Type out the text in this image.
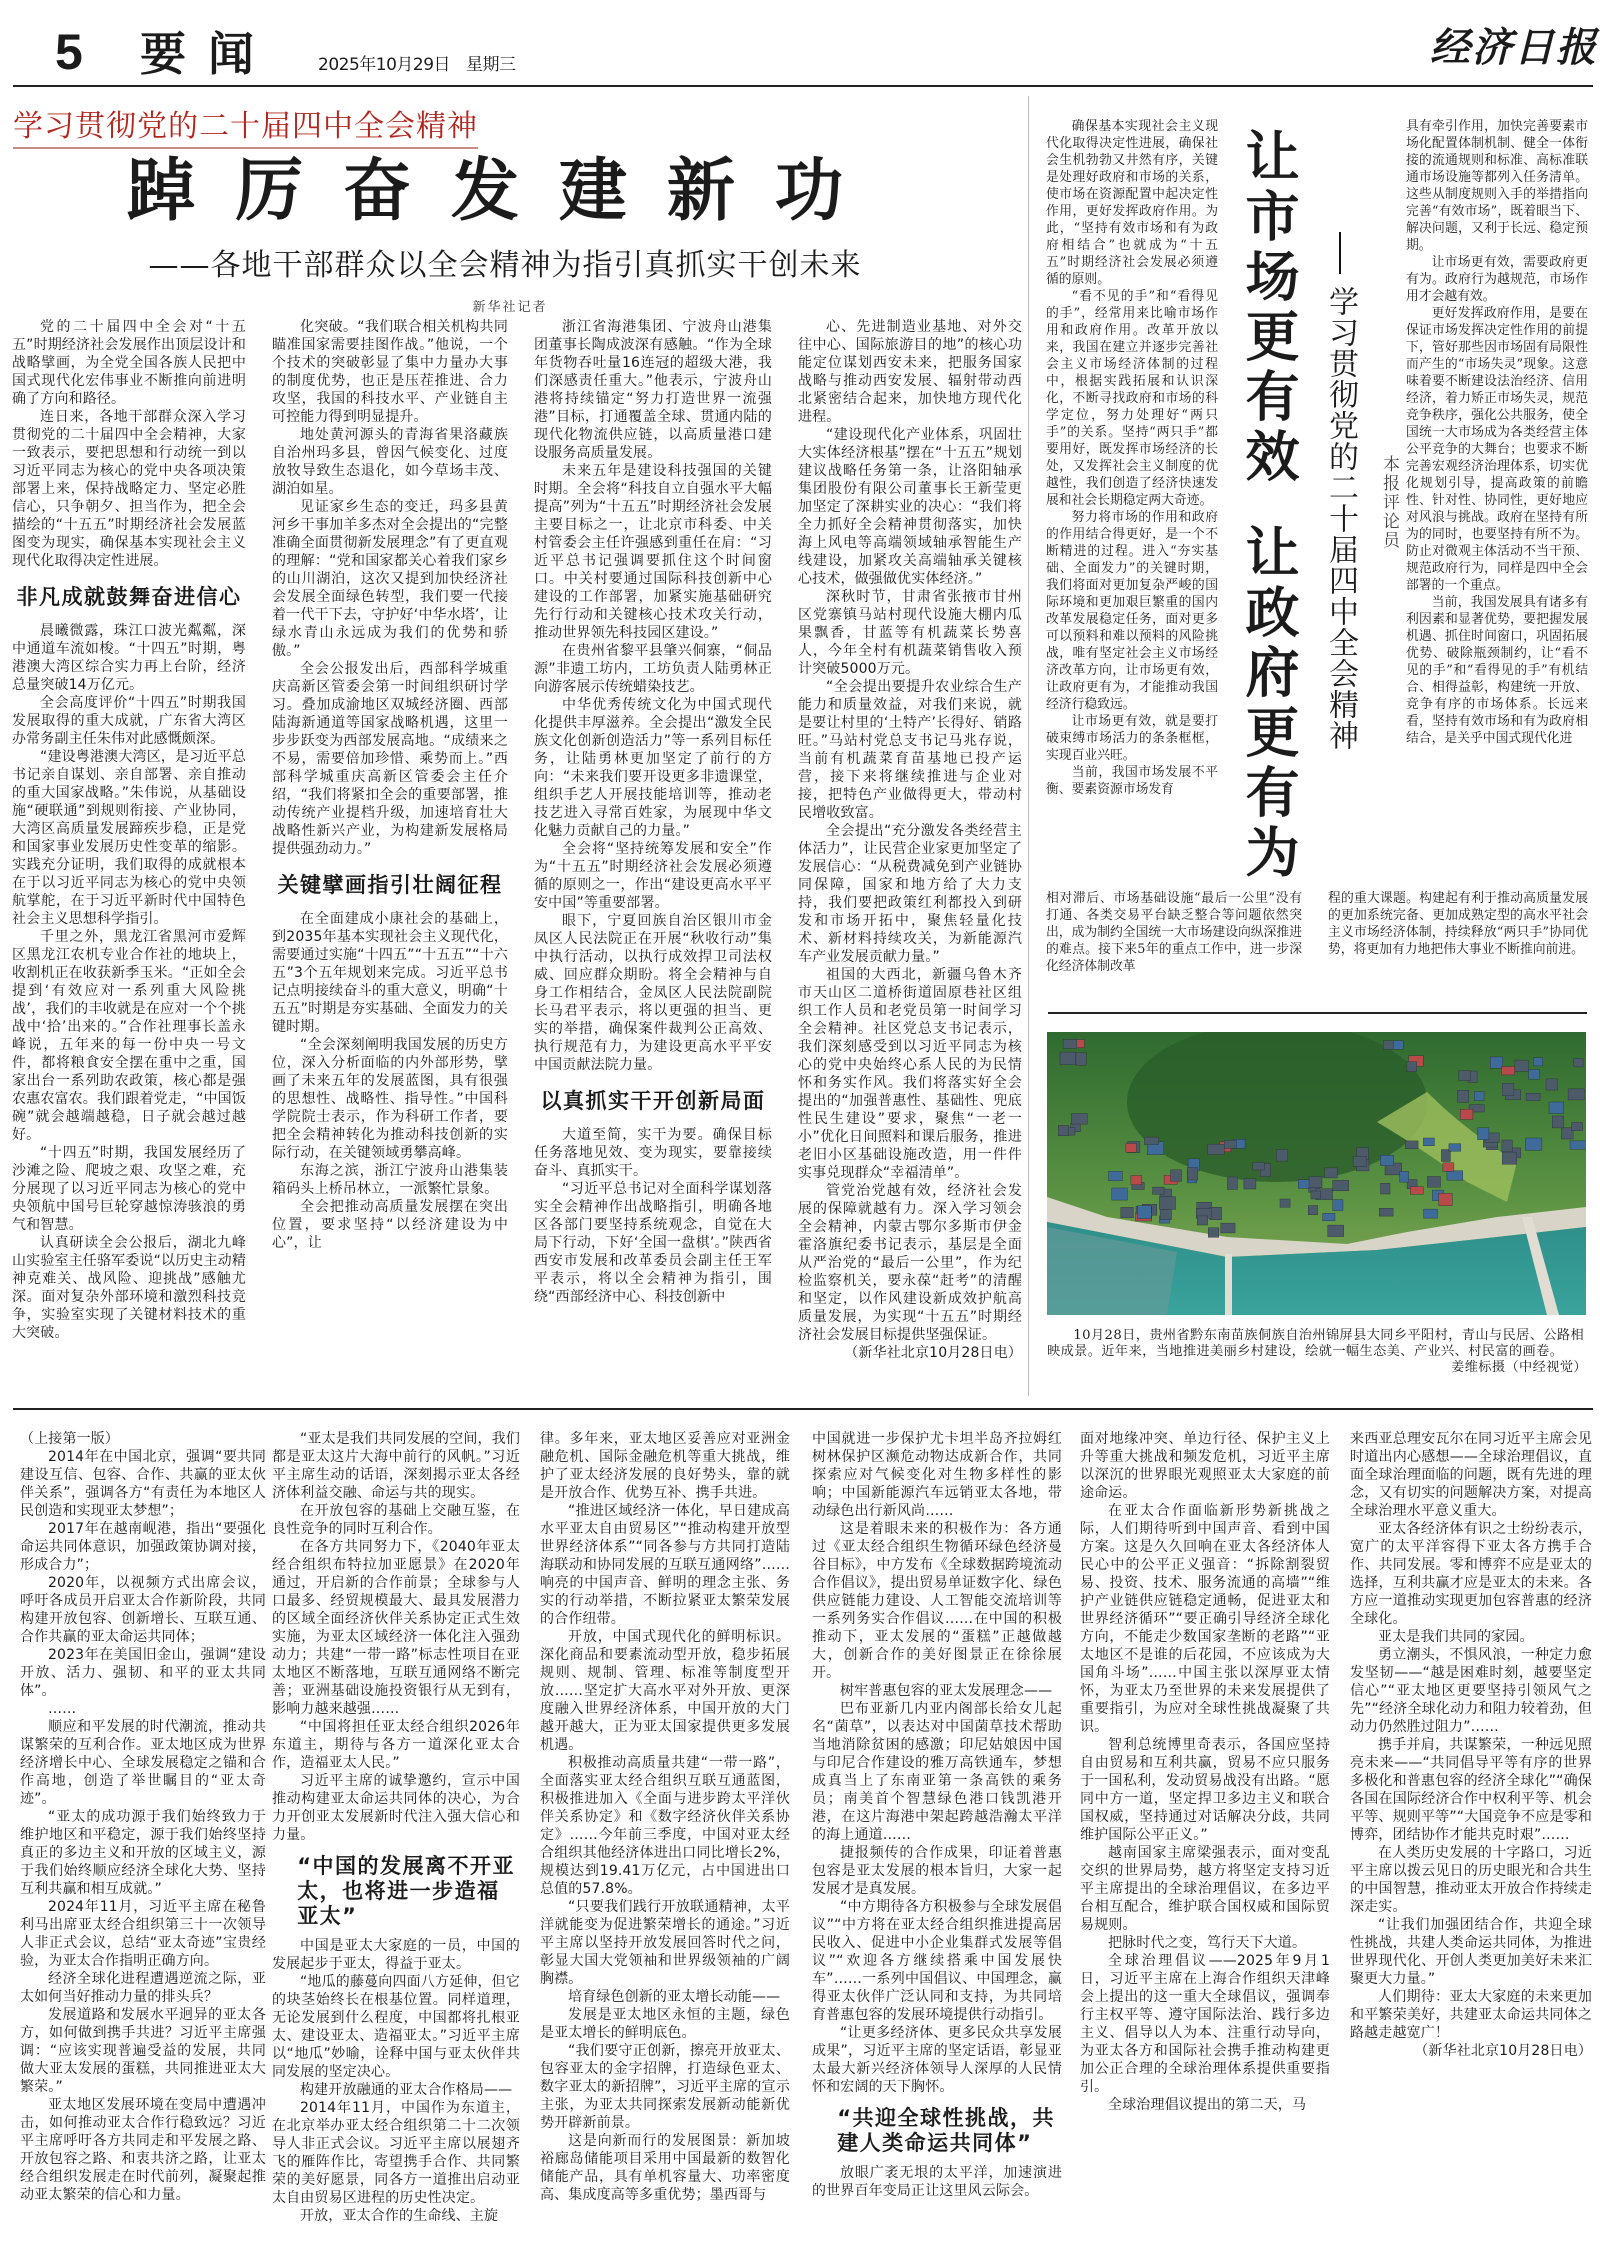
5 要闻 2025年10月29日 星期三	经济日报
学习贯彻党的二十届四中全会精神
踔厉奋发建新功
——各地干部群众以全会精神为指引真抓实干创未来
新华社记者

党的二十届四中全会对“十五五”时期经济社会发展作出顶层设计和战略擘画，为全党全国各族人民把中国式现代化宏伟事业不断推向前进明确了方向和路径。

连日来，各地干部群众深入学习贯彻党的二十届四中全会精神，大家一致表示，要把思想和行动统一到以习近平同志为核心的党中央各项决策部署上来，保持战略定力、坚定必胜信心，只争朝夕、担当作为，把全会描绘的“十五五”时期经济社会发展蓝图变为现实，确保基本实现社会主义现代化取得决定性进展。

非凡成就鼓舞奋进信心

晨曦微露，珠江口波光粼粼，深中通道车流如梭。“十四五”时期，粤港澳大湾区综合实力再上台阶，经济总量突破14万亿元。

全会高度评价“十四五”时期我国发展取得的重大成就，广东省大湾区办常务副主任朱伟对此感慨颇深。

“建设粤港澳大湾区，是习近平总书记亲自谋划、亲自部署、亲自推动的重大国家战略。”朱伟说，从基础设施“硬联通”到规则衔接、产业协同，大湾区高质量发展蹄疾步稳，正是党和国家事业发展历史性变革的缩影。实践充分证明，我们取得的成就根本在于以习近平同志为核心的党中央领航掌舵，在于习近平新时代中国特色社会主义思想科学指引。

千里之外，黑龙江省黑河市爱辉区黑龙江农机专业合作社的地块上，收割机正在收获新季玉米。“正如全会提到‘有效应对一系列重大风险挑战’，我们的丰收就是在应对一个个挑战中‘拾’出来的。”合作社理事长盖永峰说，五年来的每一份中央一号文件，都将粮食安全摆在重中之重，国家出台一系列助农政策，核心都是强农惠农富农。我们跟着党走，“中国饭碗”就会越端越稳，日子就会越过越好。

“十四五”时期，我国发展经历了沙滩之险、爬坡之艰、攻坚之难，充分展现了以习近平同志为核心的党中央领航中国号巨轮穿越惊涛骇浪的勇气和智慧。

认真研读全会公报后，湖北九峰山实验室主任骆军委说“以历史主动精神克难关、战风险、迎挑战”感触尤深。面对复杂外部环境和激烈科技竞争，实验室实现了关键材料技术的重大突破。

化突破。“我们联合相关机构共同瞄准国家需要挂图作战。”他说，一个个技术的突破彰显了集中力量办大事的制度优势，也正是压茬推进、合力攻坚，我国的科技水平、产业链自主可控能力得到明显提升。

地处黄河源头的青海省果洛藏族自治州玛多县，曾因气候变化、过度放牧导致生态退化，如今草场丰茂、湖泊如星。

见证家乡生态的变迁，玛多县黄河乡干事加羊多杰对全会提出的“完整准确全面贯彻新发展理念”有了更直观的理解：“党和国家都关心着我们家乡的山川湖泊，这次又提到加快经济社会发展全面绿色转型，我们要一代接着一代干下去，守护好‘中华水塔’，让绿水青山永远成为我们的优势和骄傲。”

全会公报发出后，西部科学城重庆高新区管委会第一时间组织研讨学习。叠加成渝地区双城经济圈、西部陆海新通道等国家战略机遇，这里一步步跃变为西部发展高地。“成绩来之不易，需要倍加珍惜、乘势而上。”西部科学城重庆高新区管委会主任介绍，“我们将紧扣全会的重要部署，推动传统产业提档升级，加速培育壮大战略性新兴产业，为构建新发展格局提供强劲动力。”

关键擘画指引壮阔征程

在全面建成小康社会的基础上，到2035年基本实现社会主义现代化，需要通过实施“十四五”“十五五”“十六五”3个五年规划来完成。习近平总书记点明接续奋斗的重大意义，明确“十五五”时期是夯实基础、全面发力的关键时期。

“全会深刻阐明我国发展的历史方位，深入分析面临的内外部形势，擘画了未来五年的发展蓝图，具有很强的思想性、战略性、指导性。”中国科学院院士表示，作为科研工作者，要把全会精神转化为推动科技创新的实际行动，在关键领域勇攀高峰。

东海之滨，浙江宁波舟山港集装箱码头上桥吊林立，一派繁忙景象。

全会把推动高质量发展摆在突出位置，要求坚持“以经济建设为中心”，让

浙江省海港集团、宁波舟山港集团董事长陶成波深有感触。“作为全球年货物吞吐量16连冠的超级大港，我们深感责任重大。”他表示，宁波舟山港将持续锚定“努力打造世界一流强港”目标，打通覆盖全球、贯通内陆的现代化物流供应链，以高质量港口建设服务高质量发展。

未来五年是建设科技强国的关键时期。全会将“科技自立自强水平大幅提高”列为“十五五”时期经济社会发展主要目标之一，让北京市科委、中关村管委会主任许强感到重任在肩：“习近平总书记强调要抓住这个时间窗口。中关村要通过国际科技创新中心建设的工作部署，加紧实施基础研究先行行动和关键核心技术攻关行动，推动世界领先科技园区建设。”

在贵州省黎平县肇兴侗寨，“侗品源”非遗工坊内，工坊负责人陆勇林正向游客展示传统蜡染技艺。

中华优秀传统文化为中国式现代化提供丰厚滋养。全会提出“激发全民族文化创新创造活力”等一系列目标任务，让陆勇林更加坚定了前行的方向：“未来我们要开设更多非遗课堂，组织手艺人开展技能培训等，推动老技艺进入寻常百姓家，为展现中华文化魅力贡献自己的力量。”

全会将“坚持统筹发展和安全”作为“十五五”时期经济社会发展必须遵循的原则之一，作出“建设更高水平平安中国”等重要部署。

眼下，宁夏回族自治区银川市金凤区人民法院正在开展“秋收行动”集中执行活动，以执行成效捍卫司法权威、回应群众期盼。将全会精神与自身工作相结合，金凤区人民法院副院长马君平表示，将以更强的担当、更实的举措，确保案件裁判公正高效、执行规范有力，为建设更高水平平安中国贡献法院力量。

以真抓实干开创新局面

大道至简，实干为要。确保目标任务落地见效、变为现实，要靠接续奋斗、真抓实干。

“习近平总书记对全面科学谋划落实全会精神作出战略指引，明确各地区各部门要坚持系统观念，自觉在大局下行动，下好‘全国一盘棋’。”陕西省西安市发展和改革委员会副主任王军平表示，将以全会精神为指引，围绕“西部经济中心、科技创新中

心、先进制造业基地、对外交往中心、国际旅游目的地”的核心功能定位谋划西安未来，把服务国家战略与推动西安发展、辐射带动西北紧密结合起来，加快地方现代化进程。

“建设现代化产业体系，巩固壮大实体经济根基”摆在“十五五”规划建议战略任务第一条，让洛阳轴承集团股份有限公司董事长王新莹更加坚定了深耕实业的决心：“我们将全力抓好全会精神贯彻落实，加快海上风电等高端领域轴承智能生产线建设，加紧攻关高端轴承关键核心技术，做强做优实体经济。”

深秋时节，甘肃省张掖市甘州区党寨镇马站村现代设施大棚内瓜果飘香，甘蓝等有机蔬菜长势喜人，今年全村有机蔬菜销售收入预计突破5000万元。

“全会提出要提升农业综合生产能力和质量效益，对我们来说，就是要让村里的‘土特产’长得好、销路旺。”马站村党总支书记马兆存说，当前有机蔬菜育苗基地已投产运营，接下来将继续推进与企业对接，把特色产业做得更大，带动村民增收致富。

全会提出“充分激发各类经营主体活力”，让民营企业家更加坚定了发展信心：“从税费减免到产业链协同保障，国家和地方给了大力支持，我们要把政策红利都投入到研发和市场开拓中，聚焦轻量化技术、新材料持续攻关，为新能源汽车产业发展贡献力量。”

祖国的大西北，新疆乌鲁木齐市天山区二道桥街道固原巷社区组织工作人员和老党员第一时间学习全会精神。社区党总支书记表示，我们深刻感受到以习近平同志为核心的党中央始终心系人民的为民情怀和务实作风。我们将落实好全会提出的“加强普惠性、基础性、兜底性民生建设”要求，聚焦“一老一小”优化日间照料和课后服务，推进老旧小区基础设施改造，用一件件实事兑现群众“幸福清单”。

管党治党越有效，经济社会发展的保障就越有力。深入学习领会全会精神，内蒙古鄂尔多斯市伊金霍洛旗纪委书记表示，基层是全面从严治党的“最后一公里”，作为纪检监察机关，要永葆“赶考”的清醒和坚定，以作风建设新成效护航高质量发展，为实现“十五五”时期经济社会发展目标提供坚强保证。

（新华社北京10月28日电）

确保基本实现社会主义现代化取得决定性进展，确保社会生机勃勃又井然有序，关键是处理好政府和市场的关系，使市场在资源配置中起决定性作用，更好发挥政府作用。为此，“坚持有效市场和有为政府相结合”也就成为“十五五”时期经济社会发展必须遵循的原则。

“看不见的手”和“看得见的手”，经常用来比喻市场作用和政府作用。改革开放以来，我国在建立并逐步完善社会主义市场经济体制的过程中，根据实践拓展和认识深化，不断寻找政府和市场的科学定位，努力处理好“两只手”的关系。坚持“两只手”都要用好，既发挥市场经济的长处，又发挥社会主义制度的优越性，我们创造了经济快速发展和社会长期稳定两大奇迹。

努力将市场的作用和政府的作用结合得更好，是一个不断精进的过程。进入“夯实基础、全面发力”的关键时期，我们将面对更加复杂严峻的国际环境和更加艰巨繁重的国内改革发展稳定任务，面对更多可以预料和难以预料的风险挑战，唯有坚定社会主义市场经济改革方向，让市场更有效，让政府更有为，才能推动我国经济行稳致远。

让市场更有效，就是要打破束缚市场活力的条条框框，实现百业兴旺。

当前，我国市场发展不平衡、要素资源市场发育

让市场更有效
让政府更有为 学习贯彻党的二十届四中全会精神 本报评论员

具有牵引作用，加快完善要素市场化配置体制机制、健全一体衔接的流通规则和标准、高标准联通市场设施等都列入任务清单。这些从制度规则入手的举措指向完善“有效市场”，既着眼当下、解决问题，又利于长远、稳定预期。

让市场更有效，需要政府更有为。政府行为越规范，市场作用才会越有效。

更好发挥政府作用，是要在保证市场发挥决定性作用的前提下，管好那些因市场固有局限性而产生的“市场失灵”现象。这意味着要不断建设法治经济、信用经济，着力矫正市场失灵，规范竞争秩序，强化公共服务，使全国统一大市场成为各类经营主体公平竞争的大舞台；也要求不断完善宏观经济治理体系，切实优化规划引导，提高政策的前瞻性、针对性、协同性，更好地应对风浪与挑战。政府在坚持有所为的同时，也要坚持有所不为。防止对微观主体活动不当干预、规范政府行为，同样是四中全会部署的一个重点。

当前，我国发展具有诸多有利因素和显著优势，要把握发展机遇、抓住时间窗口，巩固拓展优势、破除瓶颈制约，让“看不见的手”和“看得见的手”有机结合、相得益彰，构建统一开放、竞争有序的市场体系。长远来看，坚持有效市场和有为政府相结合，是关乎中国式现代化进

相对滞后、市场基础设施“最后一公里”没有打通、各类交易平台缺乏整合等问题依然突出，成为制约全国统一大市场建设向纵深推进的难点。接下来5年的重点工作中，进一步深化经济体制改革

程的重大课题。构建起有利于推动高质量发展的更加系统完备、更加成熟定型的高水平社会主义市场经济体制，持续释放“两只手”协同优势，将更加有力地把伟大事业不断推向前进。

10月28日，贵州省黔东南苗族侗族自治州锦屏县大同乡平阳村，青山与民居、公路相映成景。近年来，当地推进美丽乡村建设，绘就一幅生态美、产业兴、村民富的画卷。

姜维标摄（中经视觉）

（上接第一版）

2014年在中国北京，强调“要共同建设互信、包容、合作、共赢的亚太伙伴关系”，强调各方“有责任为本地区人民创造和实现亚太梦想”；

2017年在越南岘港，指出“要强化命运共同体意识，加强政策协调对接，形成合力”；

2020年，以视频方式出席会议，呼吁各成员开启亚太合作新阶段，共同构建开放包容、创新增长、互联互通、合作共赢的亚太命运共同体；

2023年在美国旧金山，强调“建设开放、活力、强韧、和平的亚太共同体”。

……

顺应和平发展的时代潮流，推动共谋繁荣的互利合作。亚太地区成为世界经济增长中心、全球发展稳定之锚和合作高地，创造了举世瞩目的“亚太奇迹”。

“亚太的成功源于我们始终致力于维护地区和平稳定，源于我们始终坚持真正的多边主义和开放的区域主义，源于我们始终顺应经济全球化大势、坚持互利共赢和相互成就。”

2024年11月，习近平主席在秘鲁利马出席亚太经合组织第三十一次领导人非正式会议，总结“亚太奇迹”宝贵经验，为亚太合作指明正确方向。

经济全球化进程遭遇逆流之际，亚太如何当好推动力量的排头兵？

发展道路和发展水平迥异的亚太各方，如何做到携手共进？习近平主席强调：“应该实现普遍受益的发展，共同做大亚太发展的蛋糕，共同推进亚太大繁荣。”

亚太地区发展环境在变局中遭遇冲击，如何推动亚太合作行稳致远？习近平主席呼吁各方共同走和平发展之路、开放包容之路、和衷共济之路，让亚太经合组织发展走在时代前列，凝聚起推动亚太繁荣的信心和力量。

“亚太是我们共同发展的空间，我们都是亚太这片大海中前行的风帆。”习近平主席生动的话语，深刻揭示亚太各经济体利益交融、命运与共的现实。

在开放包容的基础上交融互鉴，在良性竞争的同时互利合作。

在各方共同努力下，《2040年亚太经合组织布特拉加亚愿景》在2020年通过，开启新的合作前景；全球参与人口最多、经贸规模最大、最具发展潜力的区域全面经济伙伴关系协定正式生效实施，为亚太区域经济一体化注入强劲动力；共建“一带一路”标志性项目在亚太地区不断落地，互联互通网络不断完善；亚洲基础设施投资银行从无到有，影响力越来越强……

“中国将担任亚太经合组织2026年东道主，期待与各方一道深化亚太合作，造福亚太人民。”

习近平主席的诚挚邀约，宣示中国推动构建亚太命运共同体的决心，为合力开创亚太发展新时代注入强大信心和力量。

“中国的发展离不开亚太，也将进一步造福亚太”

中国是亚太大家庭的一员，中国的发展起步于亚太，得益于亚太。

“地瓜的藤蔓向四面八方延伸，但它的块茎始终长在根基位置。同样道理，无论发展到什么程度，中国都将扎根亚太、建设亚太、造福亚太。”习近平主席以“地瓜”妙喻，诠释中国与亚太伙伴共同发展的坚定决心。

构建开放融通的亚太合作格局——

2014年11月，中国作为东道主，在北京举办亚太经合组织第二十二次领导人非正式会议。习近平主席以展翅齐飞的雁阵作比，寄望携手合作、共同繁荣的美好愿景，同各方一道推出启动亚太自由贸易区进程的历史性决定。

开放，亚太合作的生命线、主旋

律。多年来，亚太地区妥善应对亚洲金融危机、国际金融危机等重大挑战，维护了亚太经济发展的良好势头，靠的就是开放合作、优势互补、携手共进。

“推进区域经济一体化，早日建成高水平亚太自由贸易区”“推动构建开放型世界经济体系”“同各参与方共同打造陆海联动和协同发展的互联互通网络”……响亮的中国声音、鲜明的理念主张、务实的行动举措，不断拉紧亚太繁荣发展的合作纽带。

开放，中国式现代化的鲜明标识。深化商品和要素流动型开放，稳步拓展规则、规制、管理、标准等制度型开放……坚定扩大高水平对外开放、更深度融入世界经济体系，中国开放的大门越开越大，正为亚太国家提供更多发展机遇。

积极推动高质量共建“一带一路”，全面落实亚太经合组织互联互通蓝图，积极推进加入《全面与进步跨太平洋伙伴关系协定》和《数字经济伙伴关系协定》……今年前三季度，中国对亚太经合组织其他经济体进出口同比增长2%，规模达到19.41万亿元，占中国进出口总值的57.8%。

“只要我们践行开放联通精神，太平洋就能变为促进繁荣增长的通途。”习近平主席以坚持开放发展回答时代之问，彰显大国大党领袖和世界级领袖的广阔胸襟。

培育绿色创新的亚太增长动能——

发展是亚太地区永恒的主题，绿色是亚太增长的鲜明底色。

“我们要守正创新，擦亮开放亚太、包容亚太的金字招牌，打造绿色亚太、数字亚太的新招牌”，习近平主席的宣示主张，为亚太共同探索发展新动能新优势开辟新前景。

这是向新而行的发展图景：新加坡裕廊岛储能项目采用中国最新的数智化储能产品，具有单机容量大、功率密度高、集成度高等多重优势；墨西哥与

中国就进一步保护尤卡坦半岛齐拉姆红树林保护区濒危动物达成新合作，共同探索应对气候变化对生物多样性的影响；中国新能源汽车远销亚太各地，带动绿色出行新风尚……

这是着眼未来的积极作为：各方通过《亚太经合组织生物循环绿色经济曼谷目标》，中方发布《全球数据跨境流动合作倡议》，提出贸易单证数字化、绿色供应链能力建设、人工智能交流培训等一系列务实合作倡议……在中国的积极推动下，亚太发展的“蛋糕”正越做越大，创新合作的美好图景正在徐徐展开。

树牢普惠包容的亚太发展理念——

巴布亚新几内亚内阁部长给女儿起名“菌草”，以表达对中国菌草技术帮助当地消除贫困的感激；印尼姑娘因中国与印尼合作建设的雅万高铁通车，梦想成真当上了东南亚第一条高铁的乘务员；南美首个智慧绿色港口钱凯港开港，在这片海港中架起跨越浩瀚太平洋的海上通道……

捷报频传的合作成果，印证着普惠包容是亚太发展的根本旨归，大家一起发展才是真发展。

“中方期待各方积极参与全球发展倡议”“中方将在亚太经合组织推进提高居民收入、促进中小企业集群式发展等倡议”“欢迎各方继续搭乘中国发展快车”……一系列中国倡议、中国理念，赢得亚太伙伴广泛认同和支持，为共同培育普惠包容的发展环境提供行动指引。

“让更多经济体、更多民众共享发展成果”，习近平主席的坚定话语，彰显亚太最大新兴经济体领导人深厚的人民情怀和宏阔的天下胸怀。

“共迎全球性挑战，共建人类命运共同体”

放眼广袤无垠的太平洋，加速演进的世界百年变局正让这里风云际会。

面对地缘冲突、单边行径、保护主义上升等重大挑战和频发危机，习近平主席以深沉的世界眼光观照亚太大家庭的前途命运。

在亚太合作面临新形势新挑战之际，人们期待听到中国声音、看到中国方案。这是久久回响在亚太各经济体人民心中的公平正义强音：“拆除割裂贸易、投资、技术、服务流通的高墙”“维护产业链供应链稳定通畅，促进亚太和世界经济循环”“要正确引导经济全球化方向，不能走少数国家垄断的老路”“亚太地区不是谁的后花园，不应该成为大国角斗场”……中国主张以深厚亚太情怀，为亚太乃至世界的未来发展提供了重要指引，为应对全球性挑战凝聚了共识。

智利总统博里奇表示，各国应坚持自由贸易和互利共赢，贸易不应只服务于一国私利，发动贸易战没有出路。“愿同中方一道，坚定捍卫多边主义和联合国权威，坚持通过对话解决分歧，共同维护国际公平正义。”

越南国家主席梁强表示，面对变乱交织的世界局势，越方将坚定支持习近平主席提出的全球治理倡议，在多边平台相互配合，维护联合国权威和国际贸易规则。

把脉时代之变，笃行天下大道。

全球治理倡议——2025年9月1日，习近平主席在上海合作组织天津峰会上提出的这一重大全球倡议，强调奉行主权平等、遵守国际法治、践行多边主义、倡导以人为本、注重行动导向，为亚太各方和国际社会携手推动构建更加公正合理的全球治理体系提供重要指引。

全球治理倡议提出的第二天，马

来西亚总理安瓦尔在同习近平主席会见时道出内心感想——全球治理倡议，直面全球治理面临的问题，既有先进的理念，又有切实的问题解决方案，对提高全球治理水平意义重大。

亚太各经济体有识之士纷纷表示，宽广的太平洋容得下亚太各方携手合作、共同发展。零和博弈不应是亚太的选择，互利共赢才应是亚太的未来。各方应一道推动实现更加包容普惠的经济全球化。

亚太是我们共同的家园。

勇立潮头，不惧风浪，一种定力愈发坚韧——“越是困难时刻，越要坚定信心”“亚太地区更要坚持引领风气之先”“经济全球化动力和阻力较着劲，但动力仍然胜过阻力”……

携手并肩，共谋繁荣，一种远见照亮未来——“共同倡导平等有序的世界多极化和普惠包容的经济全球化”“确保各国在国际经济合作中权利平等、机会平等、规则平等”“大国竞争不应是零和博弈，团结协作才能共克时艰”……

在人类历史发展的十字路口，习近平主席以拨云见日的历史眼光和合共生的中国智慧，推动亚太开放合作持续走深走实。

“让我们加强团结合作，共迎全球性挑战，共建人类命运共同体，为推进世界现代化、开创人类更加美好未来汇聚更大力量。”

人们期待：亚太大家庭的未来更加和平繁荣美好，共建亚太命运共同体之路越走越宽广！

（新华社北京10月28日电）
